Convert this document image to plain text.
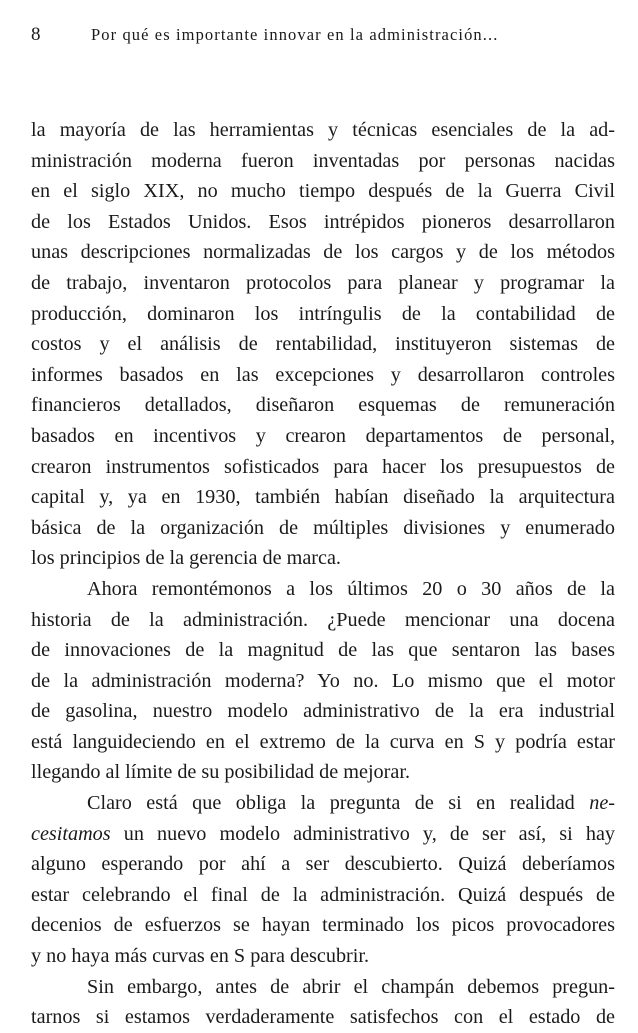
8	Por qué es importante innovar en la administración...
la mayoría de las herramientas y técnicas esenciales de la ad-
ministración moderna fueron inventadas por personas nacidas
en el siglo XIX, no mucho tiempo después de la Guerra Civil
de los Estados Unidos. Esos intrépidos pioneros desarrollaron
unas descripciones normalizadas de los cargos y de los métodos
de trabajo, inventaron protocolos para planear y programar la
producción, dominaron los intríngulis de la contabilidad de
costos y el análisis de rentabilidad, instituyeron sistemas de
informes basados en las excepciones y desarrollaron controles
financieros detallados, diseñaron esquemas de remuneración
basados en incentivos y crearon departamentos de personal,
crearon instrumentos sofisticados para hacer los presupuestos de
capital y, ya en 1930, también habían diseñado la arquitectura
básica de la organización de múltiples divisiones y enumerado
los principios de la gerencia de marca.
Ahora remontémonos a los últimos 20 o 30 años de la
historia de la administración. ¿Puede mencionar una docena
de innovaciones de la magnitud de las que sentaron las bases
de la administración moderna? Yo no. Lo mismo que el motor
de gasolina, nuestro modelo administrativo de la era industrial
está languideciendo en el extremo de la curva en S y podría estar
llegando al límite de su posibilidad de mejorar.
Claro está que obliga la pregunta de si en realidad ne-
cesitamos un nuevo modelo administrativo y, de ser así, si hay
alguno esperando por ahí a ser descubierto. Quizá deberíamos
estar celebrando el final de la administración. Quizá después de
decenios de esfuerzos se hayan terminado los picos provocadores
y no haya más curvas en S para descubrir.
Sin embargo, antes de abrir el champán debemos pregun-
tarnos si estamos verdaderamente satisfechos con el estado de
